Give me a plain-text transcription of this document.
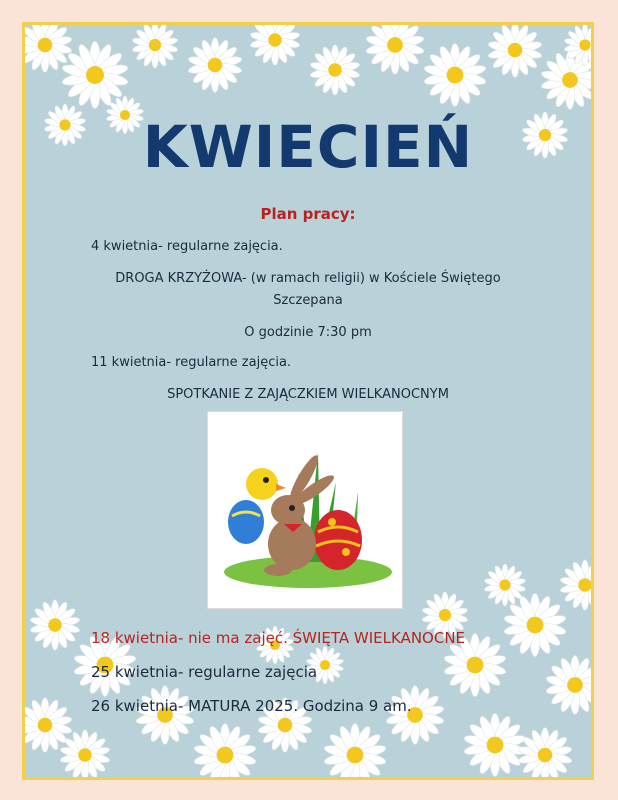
KWIECIEŃ
Plan pracy:
4 kwietnia- regularne zajęcia.
DROGA KRZYŻOWA- (w ramach religii) w Kościele Świętego
Szczepana
O godzinie 7:30 pm
11 kwietnia- regularne zajęcia.
SPOTKANIE Z ZAJĄCZKIEM WIELKANOCNYM
18 kwietnia- nie ma zajęć. ŚWIĘTA WIELKANOCNE
25 kwietnia- regularne zajęcia
26 kwietnia- MATURA 2025. Godzina 9 am.
